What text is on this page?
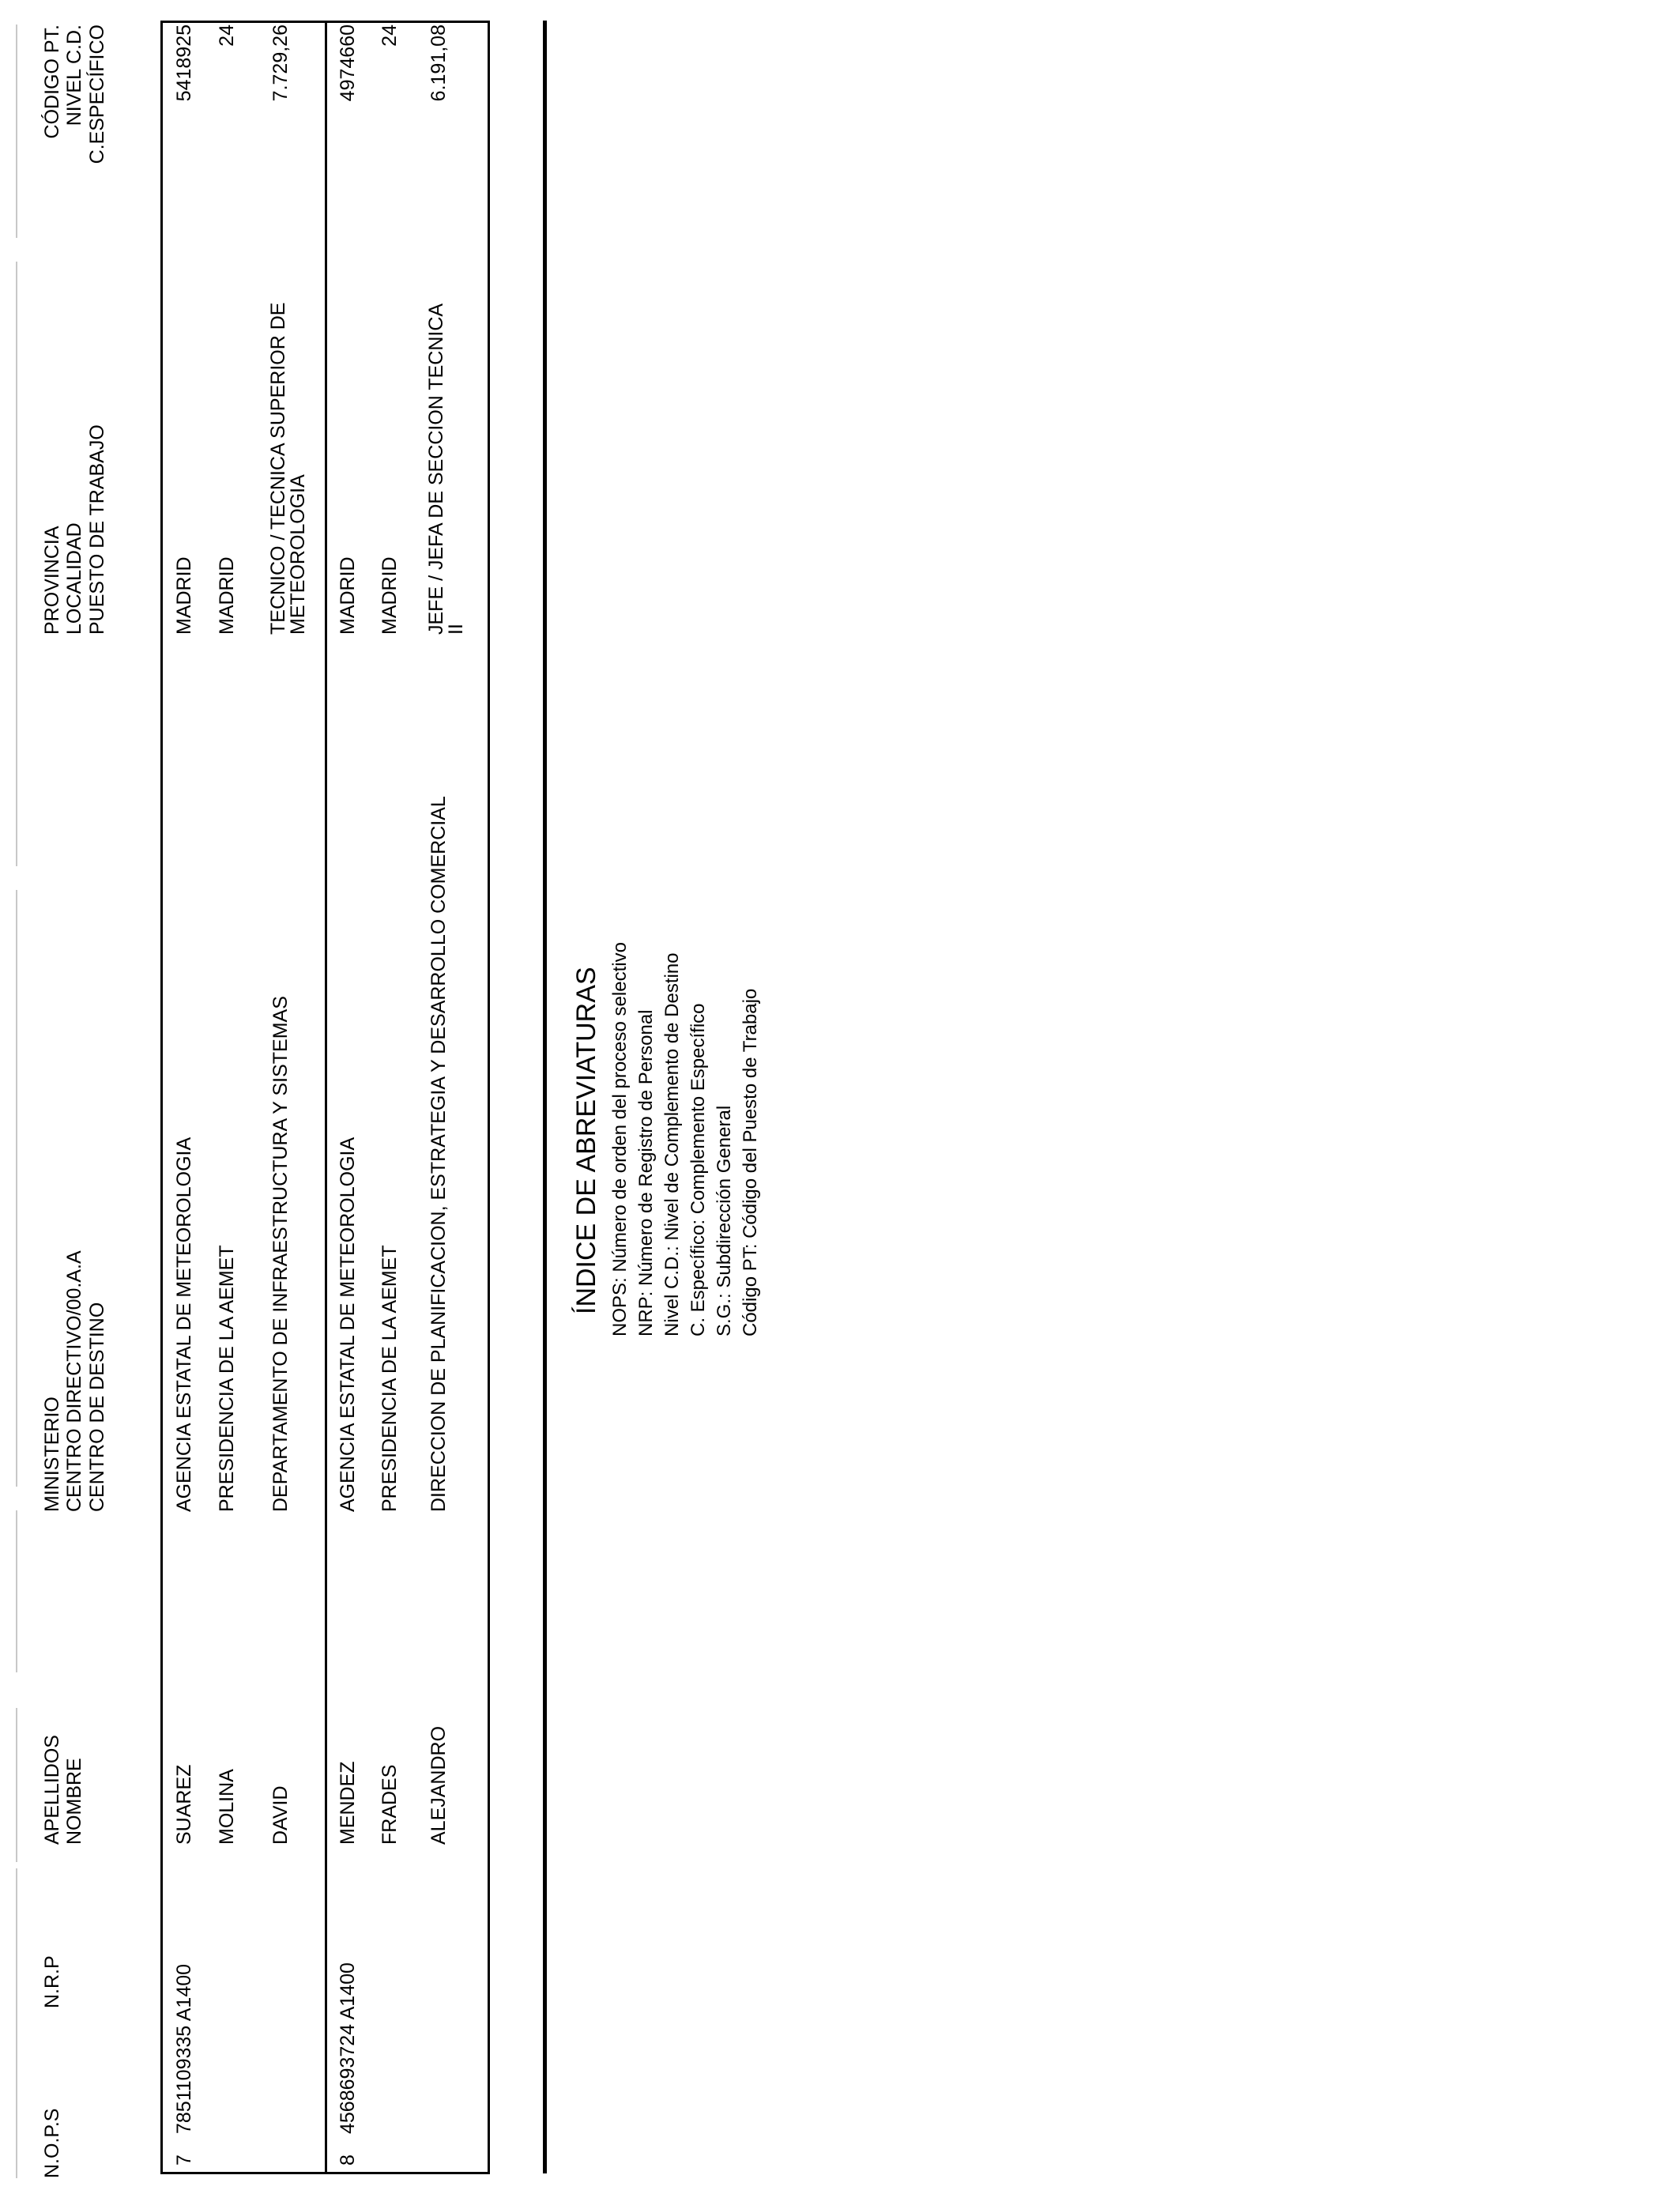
N.O.P.S
N.R.P
APELLIDOS NOMBRE
MINISTERIO CENTRO DIRECTIVO/00.A.A CENTRO DE DESTINO
PROVINCIA LOCALIDAD PUESTO DE TRABAJO
CÓDIGO PT. NIVEL C.D. C.ESPECÍFICO
7
7851109335 A1400
SUAREZ MOLINA DAVID
AGENCIA ESTATAL DE METEOROLOGIA PRESIDENCIA DE LA AEMET DEPARTAMENTO DE INFRAESTRUCTURA Y SISTEMAS
MADRID MADRID TECNICO / TECNICA SUPERIOR DE METEOROLOGIA
5418925 24 7.729,26
8
4568693724 A1400
MENDEZ FRADES ALEJANDRO
AGENCIA ESTATAL DE METEOROLOGIA PRESIDENCIA DE LA AEMET DIRECCION DE PLANIFICACION, ESTRATEGIA Y DESARROLLO COMERCIAL
MADRID MADRID JEFE / JEFA DE SECCION TECNICA II
4974660 24 6.191,08
ÍNDICE DE ABREVIATURAS NOPS: Número de orden del proceso selectivo NRP: Número de Registro de Personal Nivel C.D.: Nivel de Complemento de Destino C. Específico: Complemento Específico S.G.: Subdirección General Código PT: Código del Puesto de Trabajo
